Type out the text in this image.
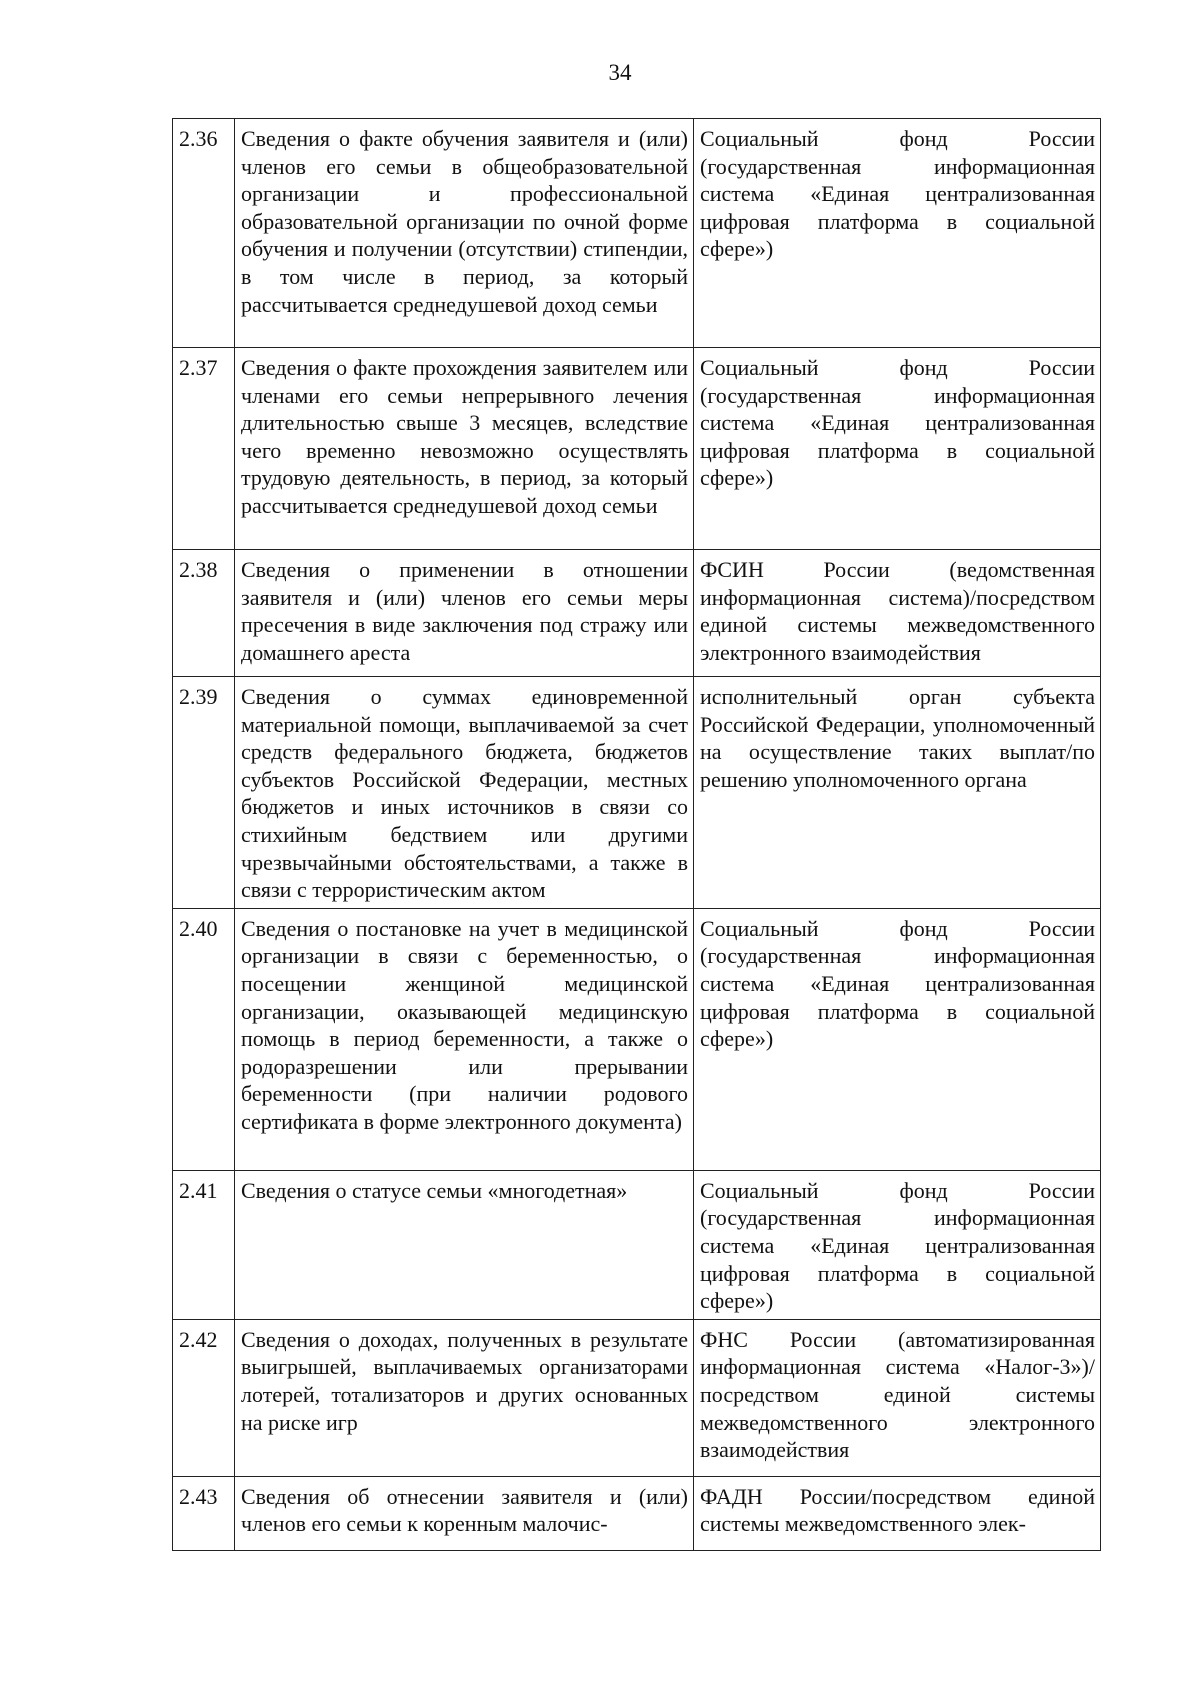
34
2.36	Сведения о факте обучения заявителя и (или) членов его семьи в общеобразовательной организации и профессиональной образовательной организации по очной форме обучения и получении (отсутствии) стипендии, в том числе в период, за который рассчитывается среднедушевой доход семьи	Социальный фонд России (государственная информационная система «Единая централизованная цифровая платформа в социальной сфере»)
2.37	Сведения о факте прохождения заявителем или членами его семьи непрерывного лечения длительностью свыше 3 месяцев, вследствие чего временно невозможно осуществлять трудовую деятельность, в период, за который рассчитывается среднедушевой доход семьи	Социальный фонд России (государственная информационная система «Единая централизованная цифровая платформа в социальной сфере»)
2.38	Сведения о применении в отношении заявителя и (или) членов его семьи меры пресечения в виде заключения под стражу или домашнего ареста	ФСИН России (ведомственная информационная система)/посредством единой системы межведомственного электронного взаимодействия
2.39	Сведения о суммах единовременной материальной помощи, выплачиваемой за счет средств федерального бюджета, бюджетов субъектов Российской Федерации, местных бюджетов и иных источников в связи со стихийным бедствием или другими чрезвычайными обстоятельствами, а также в связи с террористическим актом	исполнительный орган субъекта Российской Федерации, уполномоченный на осуществление таких выплат/по решению уполномоченного органа
2.40	Сведения о постановке на учет в медицинской организации в связи с беременностью, о посещении женщиной медицинской организации, оказывающей медицинскую помощь в период беременности, а также о родоразрешении или прерывании беременности (при наличии родового сертификата в форме электронного документа)	Социальный фонд России (государственная информационная система «Единая централизованная цифровая платформа в социальной сфере»)
2.41	Сведения о статусе семьи «многодетная»	Социальный фонд России (государственная информационная система «Единая централизованная цифровая платформа в социальной сфере»)
2.42	Сведения о доходах, полученных в результате выигрышей, выплачиваемых организаторами лотерей, тотализаторов и других основанных на риске игр	ФНС России (автоматизированная информационная система «Налог-3»)/посредством единой системы межведомственного электронного взаимодействия
2.43	Сведения об отнесении заявителя и (или) членов его семьи к коренным малочис-	ФАДН России/посредством единой системы межведомственного элек-
